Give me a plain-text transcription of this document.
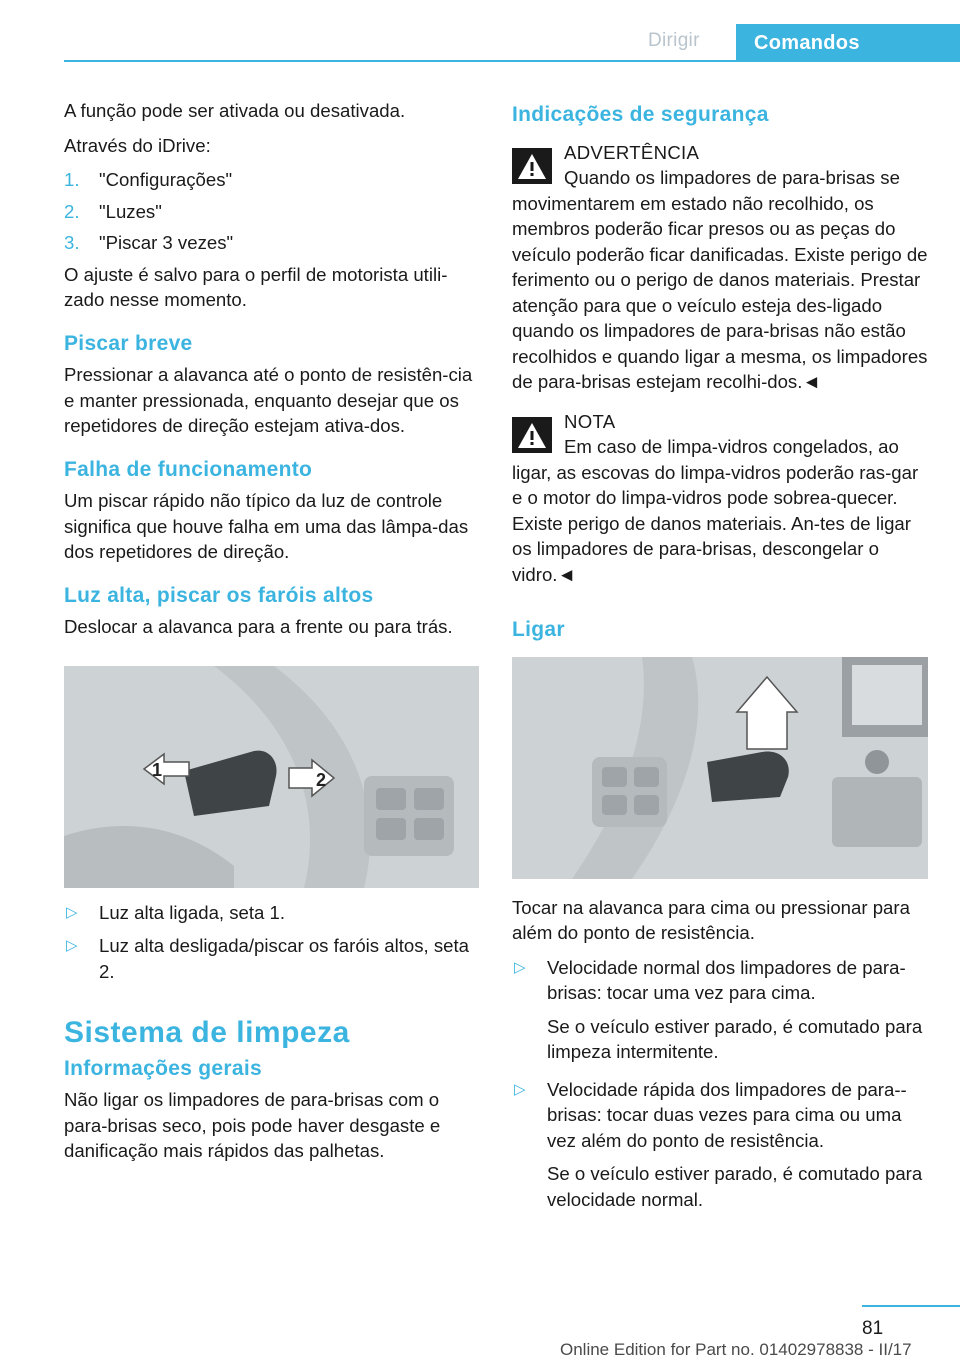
Dirigir	Comandos

A função pode ser ativada ou desativada.

Através do iDrive:

1. "Configurações"
2. "Luzes"
3. "Piscar 3 vezes"

O ajuste é salvo para o perfil de motorista utili-zado nesse momento.

Piscar breve

Pressionar a alavanca até o ponto de resistên-cia e manter pressionada, enquanto desejar que os repetidores de direção estejam ativa-dos.

Falha de funcionamento

Um piscar rápido não típico da luz de controle significa que houve falha em uma das lâmpa-das dos repetidores de direção.

Luz alta, piscar os faróis altos

Deslocar a alavanca para a frente ou para trás.

1	2
▷ Luz alta ligada, seta 1.
▷ Luz alta desligada/piscar os faróis altos, seta 2.
Sistema de limpeza
Informações gerais

Não ligar os limpadores de para-brisas com o para-brisas seco, pois pode haver desgaste e danificação mais rápidos das palhetas.

Indicações de segurança
ADVERTÊNCIA
Quando os limpadores de para-brisas se movimentarem em estado não recolhido, os membros poderão ficar presos ou as peças do veículo poderão ficar danificadas. Existe perigo de ferimento ou o perigo de danos materiais. Prestar atenção para que o veículo esteja des-ligado quando os limpadores de para-brisas não estão recolhidos e quando ligar a mesma, os limpadores de para-brisas estejam recolhi-dos.◄
NOTA
Em caso de limpa-vidros congelados, ao ligar, as escovas do limpa-vidros poderão ras-gar e o motor do limpa-vidros pode sobrea-quecer. Existe perigo de danos materiais. An-tes de ligar os limpadores de para-brisas, descongelar o vidro.◄
Ligar

Tocar na alavanca para cima ou pressionar para além do ponto de resistência.

▷ Velocidade normal dos limpadores de para-brisas: tocar uma vez para cima.
Se o veículo estiver parado, é comutado para limpeza intermitente.
▷ Velocidade rápida dos limpadores de para--brisas: tocar duas vezes para cima ou uma vez além do ponto de resistência.
Se o veículo estiver parado, é comutado para velocidade normal.
81
Online Edition for Part no. 01402978838 - II/17
